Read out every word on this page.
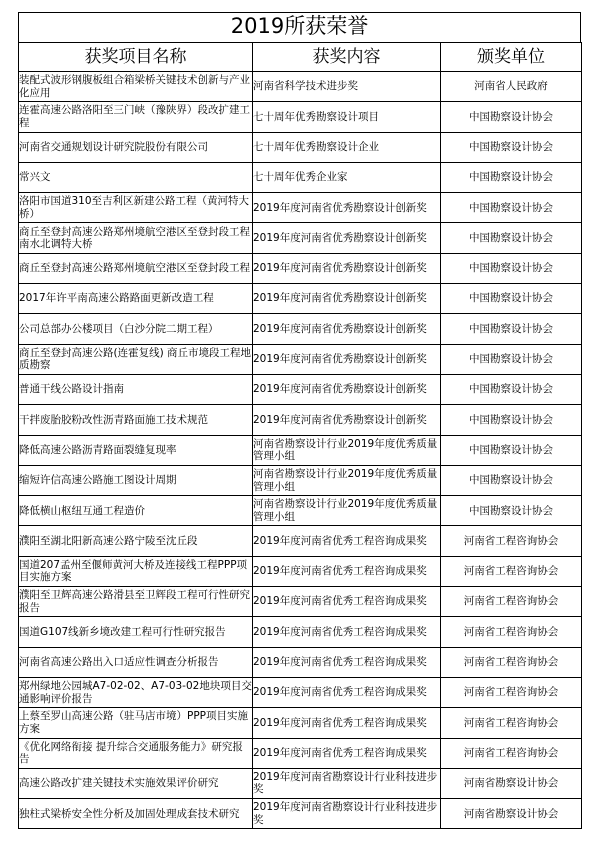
2019所获荣誉
获奖项目名称	获奖内容	颁奖单位

装配式波形钢腹板组合箱梁桥关键技术创新与产业化应用	河南省科学技术进步奖	河南省人民政府

连霍高速公路洛阳至三门峡（豫陕界）段改扩建工程	七十周年优秀勘察设计项目	中国勘察设计协会

河南省交通规划设计研究院股份有限公司	七十周年优秀勘察设计企业	中国勘察设计协会

常兴文	七十周年优秀企业家	中国勘察设计协会

洛阳市国道310至吉利区新建公路工程（黄河特大桥）	2019年度河南省优秀勘察设计创新奖	中国勘察设计协会

商丘至登封高速公路郑州境航空港区至登封段工程南水北调特大桥	2019年度河南省优秀勘察设计创新奖	中国勘察设计协会

商丘至登封高速公路郑州境航空港区至登封段工程	2019年度河南省优秀勘察设计创新奖	中国勘察设计协会

2017年许平南高速公路路面更新改造工程	2019年度河南省优秀勘察设计创新奖	中国勘察设计协会

公司总部办公楼项目（白沙分院二期工程）	2019年度河南省优秀勘察设计创新奖	中国勘察设计协会

商丘至登封高速公路(连霍复线) 商丘市境段工程地质勘察	2019年度河南省优秀勘察设计创新奖	中国勘察设计协会

普通干线公路设计指南	2019年度河南省优秀勘察设计创新奖	中国勘察设计协会

干拌废胎胶粉改性沥青路面施工技术规范	2019年度河南省优秀勘察设计创新奖	中国勘察设计协会

降低高速公路沥青路面裂缝复现率	河南省勘察设计行业2019年度优秀质量管理小组	中国勘察设计协会

缩短许信高速公路施工图设计周期	河南省勘察设计行业2019年度优秀质量管理小组	中国勘察设计协会

降低横山枢纽互通工程造价	河南省勘察设计行业2019年度优秀质量管理小组	中国勘察设计协会

濮阳至湖北阳新高速公路宁陵至沈丘段	2019年度河南省优秀工程咨询成果奖	河南省工程咨询协会

国道207孟州至偃师黄河大桥及连接线工程PPP项目实施方案	2019年度河南省优秀工程咨询成果奖	河南省工程咨询协会

濮阳至卫辉高速公路滑县至卫辉段工程可行性研究报告	2019年度河南省优秀工程咨询成果奖	河南省工程咨询协会

国道G107线新乡境改建工程可行性研究报告	2019年度河南省优秀工程咨询成果奖	河南省工程咨询协会

河南省高速公路出入口适应性调查分析报告	2019年度河南省优秀工程咨询成果奖	河南省工程咨询协会

郑州绿地公园城A7-02-02、A7-03-02地块项目交通影响评价报告	2019年度河南省优秀工程咨询成果奖	河南省工程咨询协会

上蔡至罗山高速公路（驻马店市境）PPP项目实施方案	2019年度河南省优秀工程咨询成果奖	河南省工程咨询协会

《优化网络衔接 提升综合交通服务能力》研究报告	2019年度河南省优秀工程咨询成果奖	河南省工程咨询协会

高速公路改扩建关键技术实施效果评价研究	2019年度河南省勘察设计行业科技进步奖	河南省勘察设计协会

独柱式梁桥安全性分析及加固处理成套技术研究	2019年度河南省勘察设计行业科技进步奖	河南省勘察设计协会
